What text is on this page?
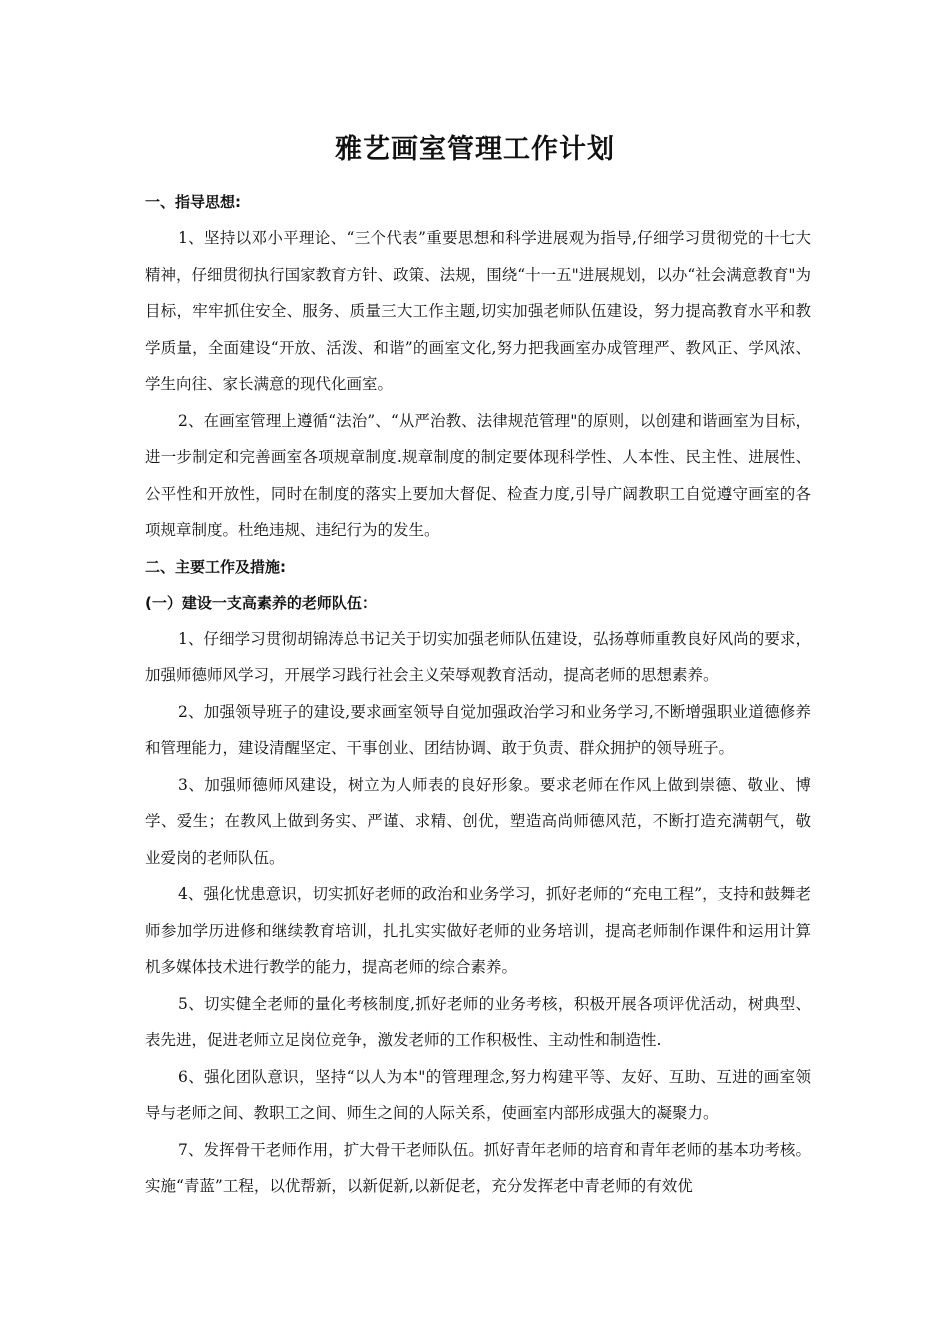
雅艺画室管理工作计划

一、指导思想:

1、坚持以邓小平理论、“三个代表”重要思想和科学进展观为指导,仔细学习贯彻党的十七大精神，仔细贯彻执行国家教育方针、政策、法规，围绕“十一五"进展规划，以办“社会满意教育"为目标，牢牢抓住安全、服务、质量三大工作主题,切实加强老师队伍建设，努力提高教育水平和教学质量，全面建设“开放、活泼、和谐”的画室文化,努力把我画室办成管理严、教风正、学风浓、学生向往、家长满意的现代化画室。

2、在画室管理上遵循“法治”、“从严治教、法律规范管理"的原则，以创建和谐画室为目标，进一步制定和完善画室各项规章制度.规章制度的制定要体现科学性、人本性、民主性、进展性、公平性和开放性，同时在制度的落实上要加大督促、检查力度,引导广阔教职工自觉遵守画室的各项规章制度。杜绝违规、违纪行为的发生。

二、主要工作及措施:

(一）建设一支高素养的老师队伍：

1、仔细学习贯彻胡锦涛总书记关于切实加强老师队伍建设，弘扬尊师重教良好风尚的要求，加强师德师风学习，开展学习践行社会主义荣辱观教育活动，提高老师的思想素养。

2、加强领导班子的建设,要求画室领导自觉加强政治学习和业务学习,不断增强职业道德修养和管理能力，建设清醒坚定、干事创业、团结协调、敢于负责、群众拥护的领导班子。

3、加强师德师风建设，树立为人师表的良好形象。要求老师在作风上做到崇德、敬业、博学、爱生；在教风上做到务实、严谨、求精、创优，塑造高尚师德风范，不断打造充满朝气，敬业爱岗的老师队伍。

4、强化忧患意识，切实抓好老师的政治和业务学习，抓好老师的“充电工程”，支持和鼓舞老师参加学历进修和继续教育培训，扎扎实实做好老师的业务培训，提高老师制作课件和运用计算机多媒体技术进行教学的能力，提高老师的综合素养。

5、切实健全老师的量化考核制度,抓好老师的业务考核，积极开展各项评优活动，树典型、表先进，促进老师立足岗位竞争，激发老师的工作积极性、主动性和制造性.

6、强化团队意识，坚持“以人为本"的管理理念,努力构建平等、友好、互助、互进的画室领导与老师之间、教职工之间、师生之间的人际关系，使画室内部形成强大的凝聚力。

7、发挥骨干老师作用，扩大骨干老师队伍。抓好青年老师的培育和青年老师的基本功考核。实施“青蓝”工程，以优帮新，以新促新,以新促老，充分发挥老中青老师的有效优
